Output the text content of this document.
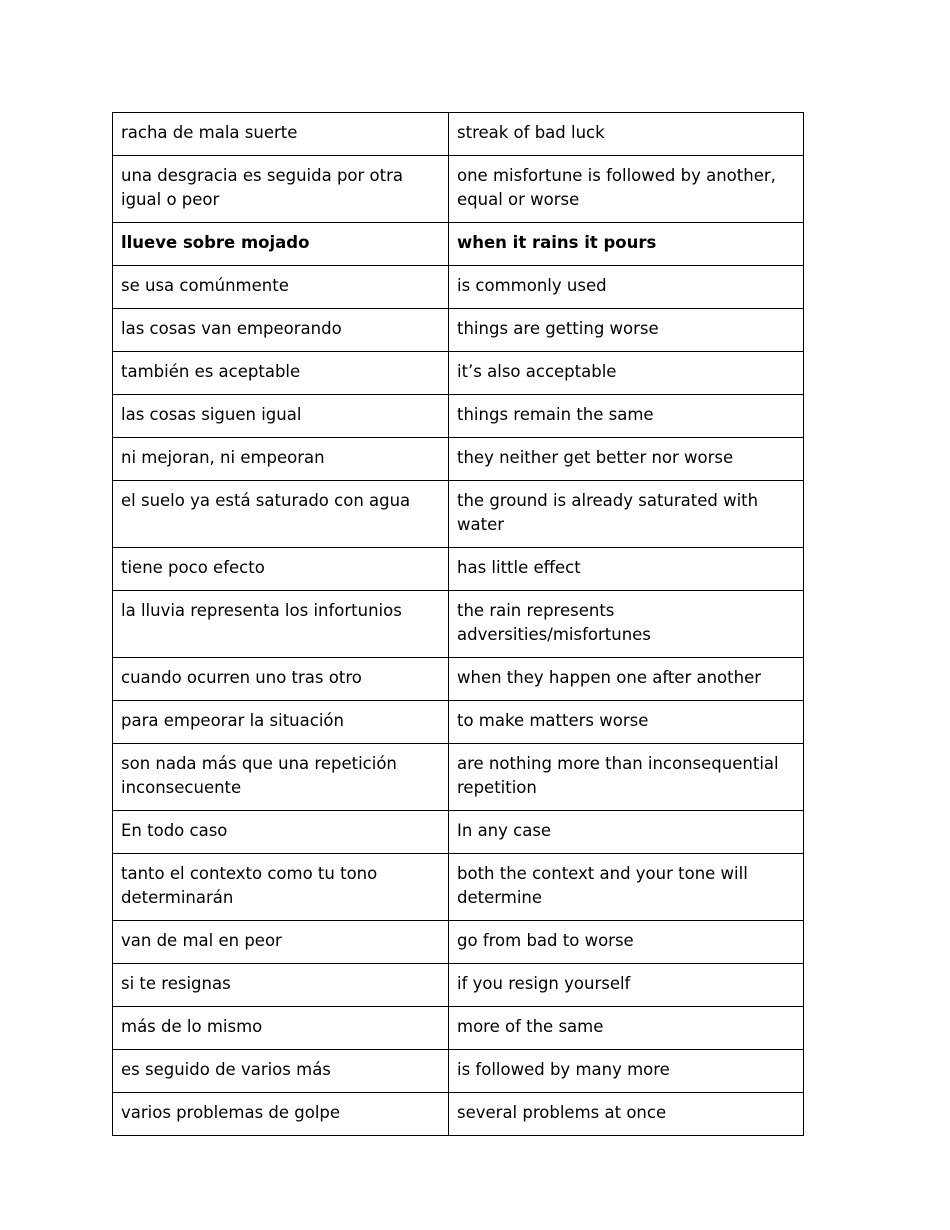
racha de mala suerte	streak of bad luck
una desgracia es seguida por otra igual o peor	one misfortune is followed by another, equal or worse
llueve sobre mojado	when it rains it pours
se usa comúnmente	is commonly used
las cosas van empeorando	things are getting worse
también es aceptable	it’s also acceptable
las cosas siguen igual	things remain the same
ni mejoran, ni empeoran	they neither get better nor worse
el suelo ya está saturado con agua	the ground is already saturated with water
tiene poco efecto	has little effect
la lluvia representa los infortunios	the rain represents adversities/misfortunes
cuando ocurren uno tras otro	when they happen one after another
para empeorar la situación	to make matters worse
son nada más que una repetición inconsecuente	are nothing more than inconsequential repetition
En todo caso	In any case
tanto el contexto como tu tono determinarán	both the context and your tone will determine
van de mal en peor	go from bad to worse
si te resignas	if you resign yourself
más de lo mismo	more of the same
es seguido de varios más	is followed by many more
varios problemas de golpe	several problems at once
